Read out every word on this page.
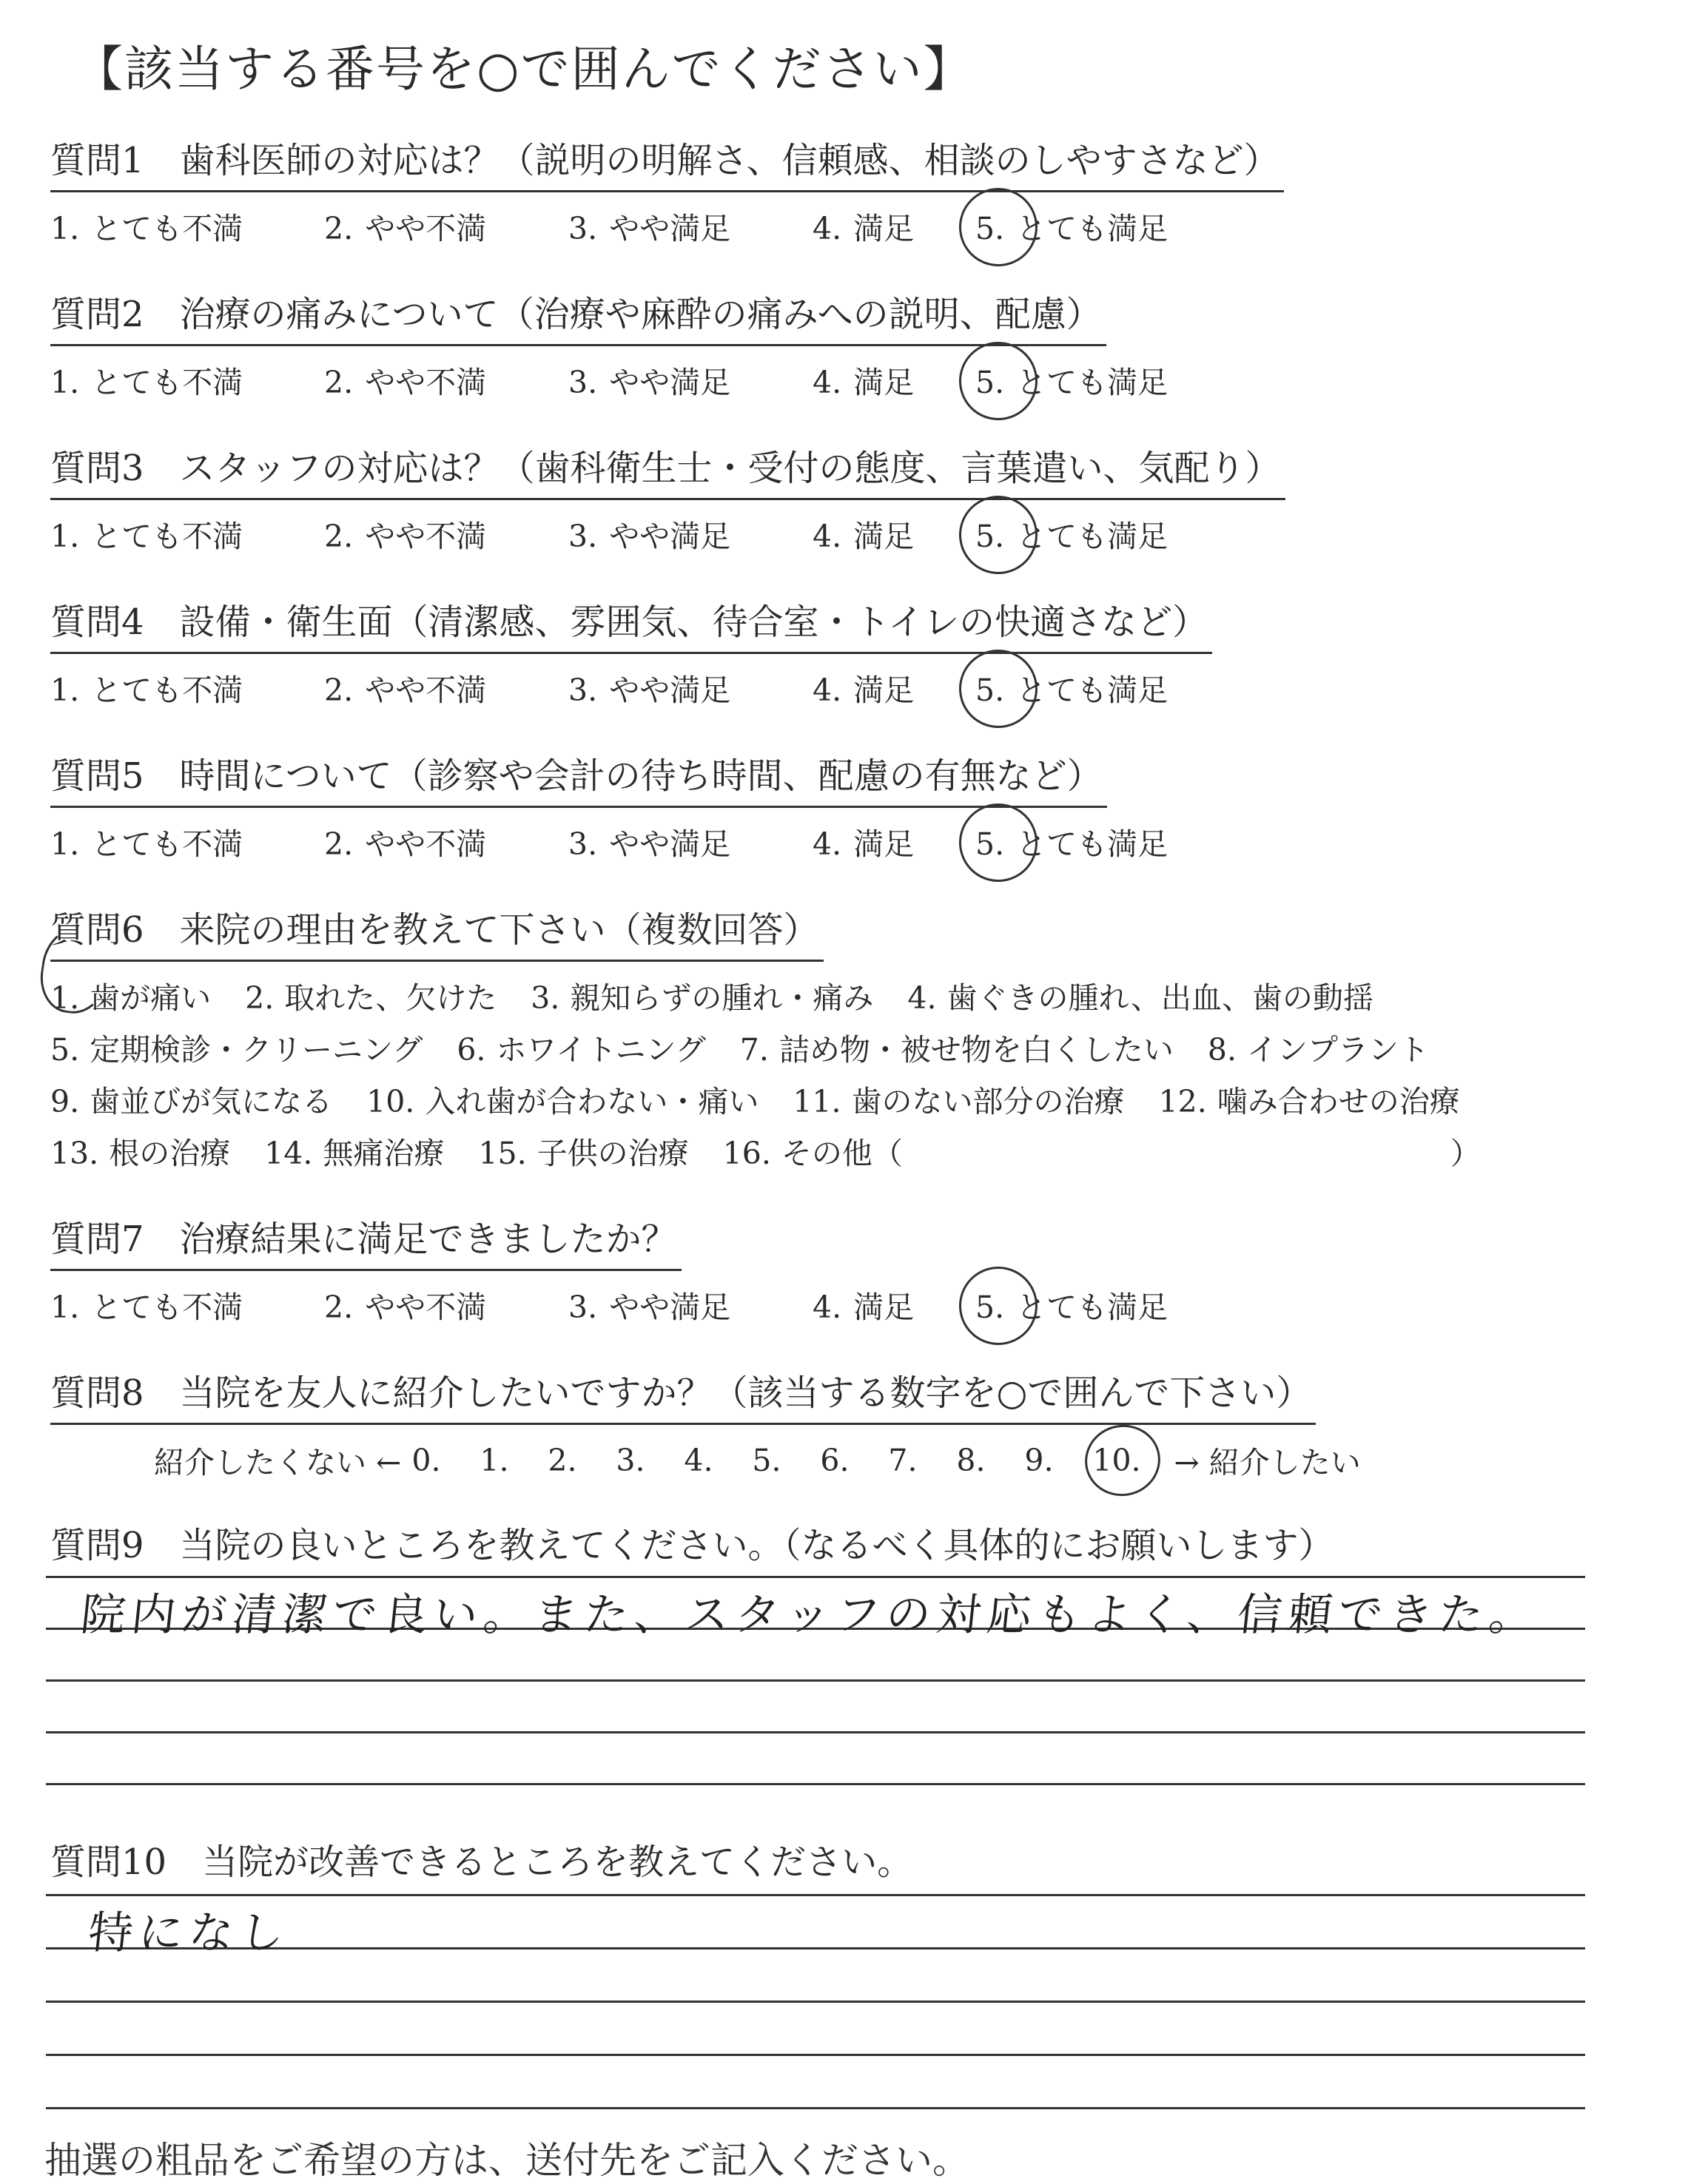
【該当する番号を○で囲んでください】
質問1　歯科医師の対応は？（説明の明解さ、信頼感、相談のしやすさなど）
1. とても不満	2. やや不満	3. やや満足	4. 満足	5. とても満足
質問2　治療の痛みについて（治療や麻酔の痛みへの説明、配慮）
1. とても不満	2. やや不満	3. やや満足	4. 満足	5. とても満足
質問3　スタッフの対応は？（歯科衛生士・受付の態度、言葉遣い、気配り）
1. とても不満	2. やや不満	3. やや満足	4. 満足	5. とても満足
質問4　設備・衛生面（清潔感、雰囲気、待合室・トイレの快適さなど）
1. とても不満	2. やや不満	3. やや満足	4. 満足	5. とても満足
質問5　時間について（診察や会計の待ち時間、配慮の有無など）
1. とても不満	2. やや不満	3. やや満足	4. 満足	5. とても満足
質問6　来院の理由を教えて下さい（複数回答）
1. 歯が痛い 2. 取れた、欠けた 3. 親知らずの腫れ・痛み 4. 歯ぐきの腫れ、出血、歯の動揺
5. 定期検診・クリーニング 6. ホワイトニング 7. 詰め物・被せ物を白くしたい 8. インプラント
9. 歯並びが気になる 10. 入れ歯が合わない・痛い 11. 歯のない部分の治療 12. 噛み合わせの治療
13. 根の治療 14. 無痛治療 15. 子供の治療 16. その他（	）
質問7　治療結果に満足できましたか？
1. とても不満	2. やや不満	3. やや満足	4. 満足	5. とても満足
質問8　当院を友人に紹介したいですか？（該当する数字を○で囲んで下さい）
紹介したくない ← 0.	1.	2.	3.	4.	5.	6.	7.	8.	9.	10.	→ 紹介したい
質問9　当院の良いところを教えてください。（なるべく具体的にお願いします）
院内が清潔で良い。また、スタッフの対応もよく、信頼できた。
質問10　当院が改善できるところを教えてください。
特になし
抽選の粗品をご希望の方は、送付先をご記入ください。
